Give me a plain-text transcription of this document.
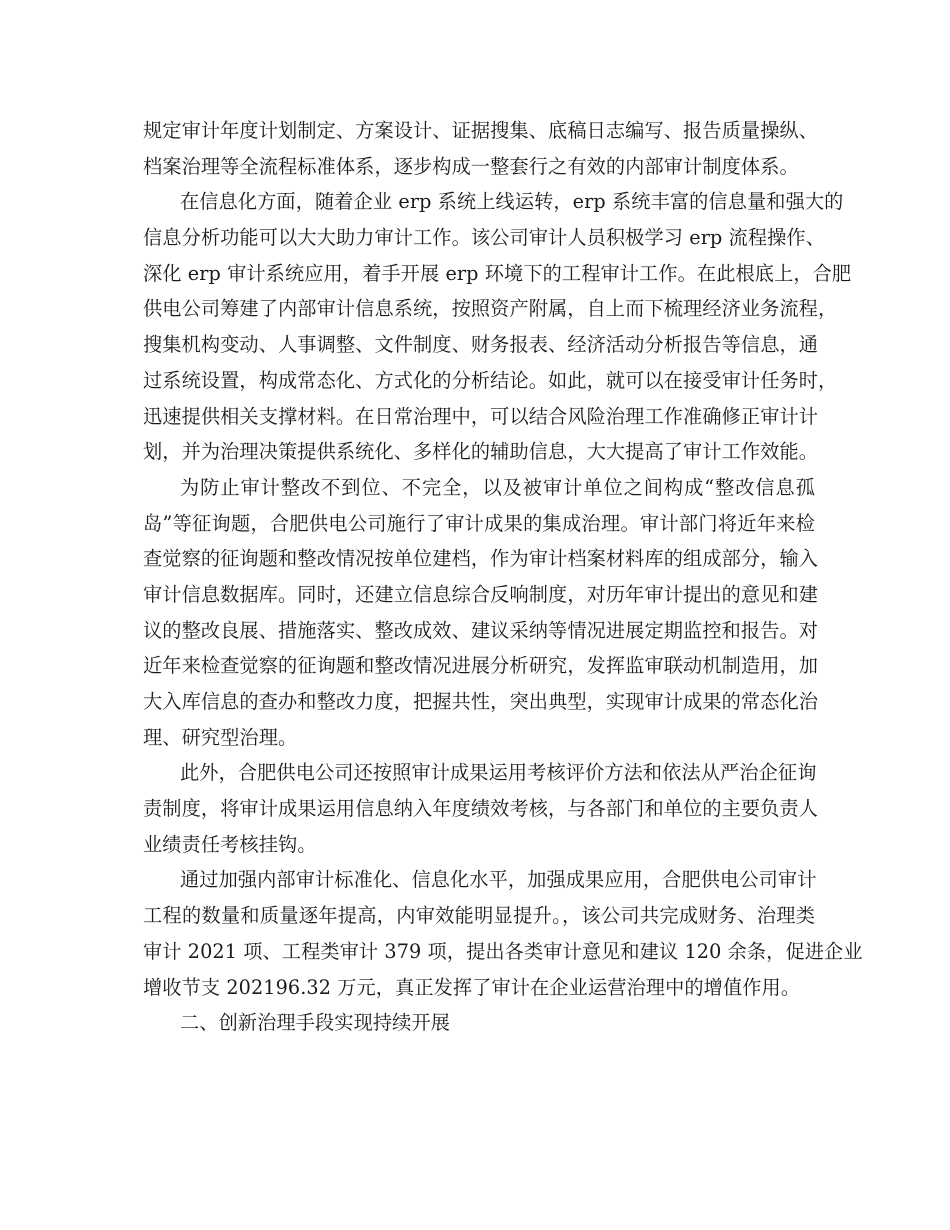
规定审计年度计划制定、方案设计、证据搜集、底稿日志编写、报告质量操纵、
档案治理等全流程标准体系，逐步构成一整套行之有效的内部审计制度体系。
在信息化方面，随着企业 erp 系统上线运转，erp 系统丰富的信息量和强大的
信息分析功能可以大大助力审计工作。该公司审计人员积极学习 erp 流程操作、
深化 erp 审计系统应用，着手开展 erp 环境下的工程审计工作。在此根底上，合肥
供电公司筹建了内部审计信息系统，按照资产附属，自上而下梳理经济业务流程，
搜集机构变动、人事调整、文件制度、财务报表、经济活动分析报告等信息，通
过系统设置，构成常态化、方式化的分析结论。如此，就可以在接受审计任务时，
迅速提供相关支撑材料。在日常治理中，可以结合风险治理工作准确修正审计计
划，并为治理决策提供系统化、多样化的辅助信息，大大提高了审计工作效能。
为防止审计整改不到位、不完全，以及被审计单位之间构成“整改信息孤
岛”等征询题，合肥供电公司施行了审计成果的集成治理。审计部门将近年来检
查觉察的征询题和整改情况按单位建档，作为审计档案材料库的组成部分，输入
审计信息数据库。同时，还建立信息综合反响制度，对历年审计提出的意见和建
议的整改良展、措施落实、整改成效、建议采纳等情况进展定期监控和报告。对
近年来检查觉察的征询题和整改情况进展分析研究，发挥监审联动机制造用，加
大入库信息的查办和整改力度，把握共性，突出典型，实现审计成果的常态化治
理、研究型治理。
此外，合肥供电公司还按照审计成果运用考核评价方法和依法从严治企征询
责制度，将审计成果运用信息纳入年度绩效考核，与各部门和单位的主要负责人
业绩责任考核挂钩。
通过加强内部审计标准化、信息化水平，加强成果应用，合肥供电公司审计
工程的数量和质量逐年提高，内审效能明显提升。，该公司共完成财务、治理类
审计 2021 项、工程类审计 379 项，提出各类审计意见和建议 120 余条，促进企业
增收节支 202196.32 万元，真正发挥了审计在企业运营治理中的增值作用。
二、创新治理手段实现持续开展
